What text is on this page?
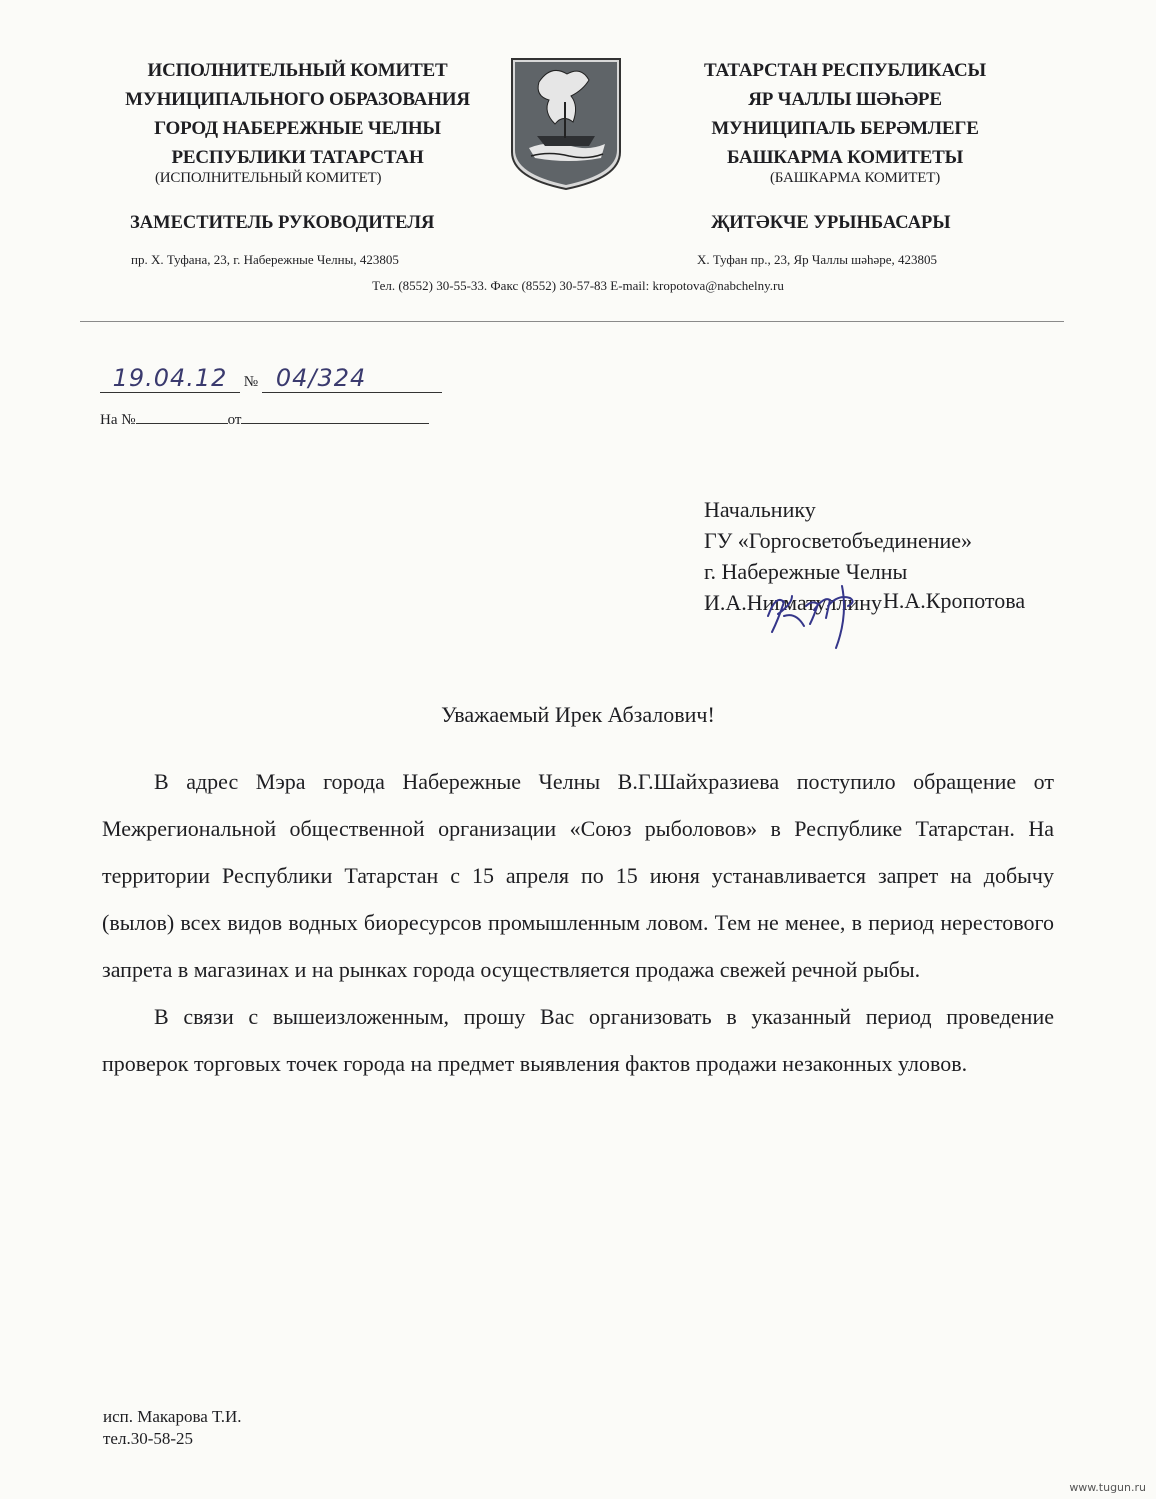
ИСПОЛНИТЕЛЬНЫЙ КОМИТЕТ
МУНИЦИПАЛЬНОГО ОБРАЗОВАНИЯ
ГОРОД НАБЕРЕЖНЫЕ ЧЕЛНЫ
РЕСПУБЛИКИ ТАТАРСТАН
(ИСПОЛНИТЕЛЬНЫЙ КОМИТЕТ)
ЗАМЕСТИТЕЛЬ РУКОВОДИТЕЛЯ
пр. Х. Туфана, 23, г. Набережные Челны, 423805
ТАТАРСТАН РЕСПУБЛИКАСЫ
ЯР ЧАЛЛЫ ШӘҺӘРЕ
МУНИЦИПАЛЬ БЕРӘМЛЕГЕ
БАШКАРМА КОМИТЕТЫ
(БАШКАРМА КОМИТЕТ)
ҖИТӘКЧЕ УРЫНБАСАРЫ
Х. Туфан пр., 23, Яр Чаллы шәһәре, 423805
Тел. (8552) 30-55-33. Факс (8552) 30-57-83 E-mail: kropotova@nabchelny.ru
19.04.12 № 04/324
На №	от
Начальнику
ГУ «Горгосветобъединение»
г. Набережные Челны
И.А.Нигматуллину
Уважаемый Ирек Абзалович!

В адрес Мэра города Набережные Челны В.Г.Шайхразиева поступило обращение от Межрегиональной общественной организации «Союз рыболовов» в Республике Татарстан. На территории Республики Татарстан с 15 апреля по 15 июня устанавливается запрет на добычу (вылов) всех видов водных биоресурсов промышленным ловом. Тем не менее, в период нерестового запрета в магазинах и на рынках города осуществляется продажа свежей речной рыбы.

В связи с вышеизложенным, прошу Вас организовать в указанный период проведение проверок торговых точек города на предмет выявления фактов продажи незаконных уловов.

Н.А.Кропотова
исп. Макарова Т.И.
тел.30-58-25
www.tugun.ru
